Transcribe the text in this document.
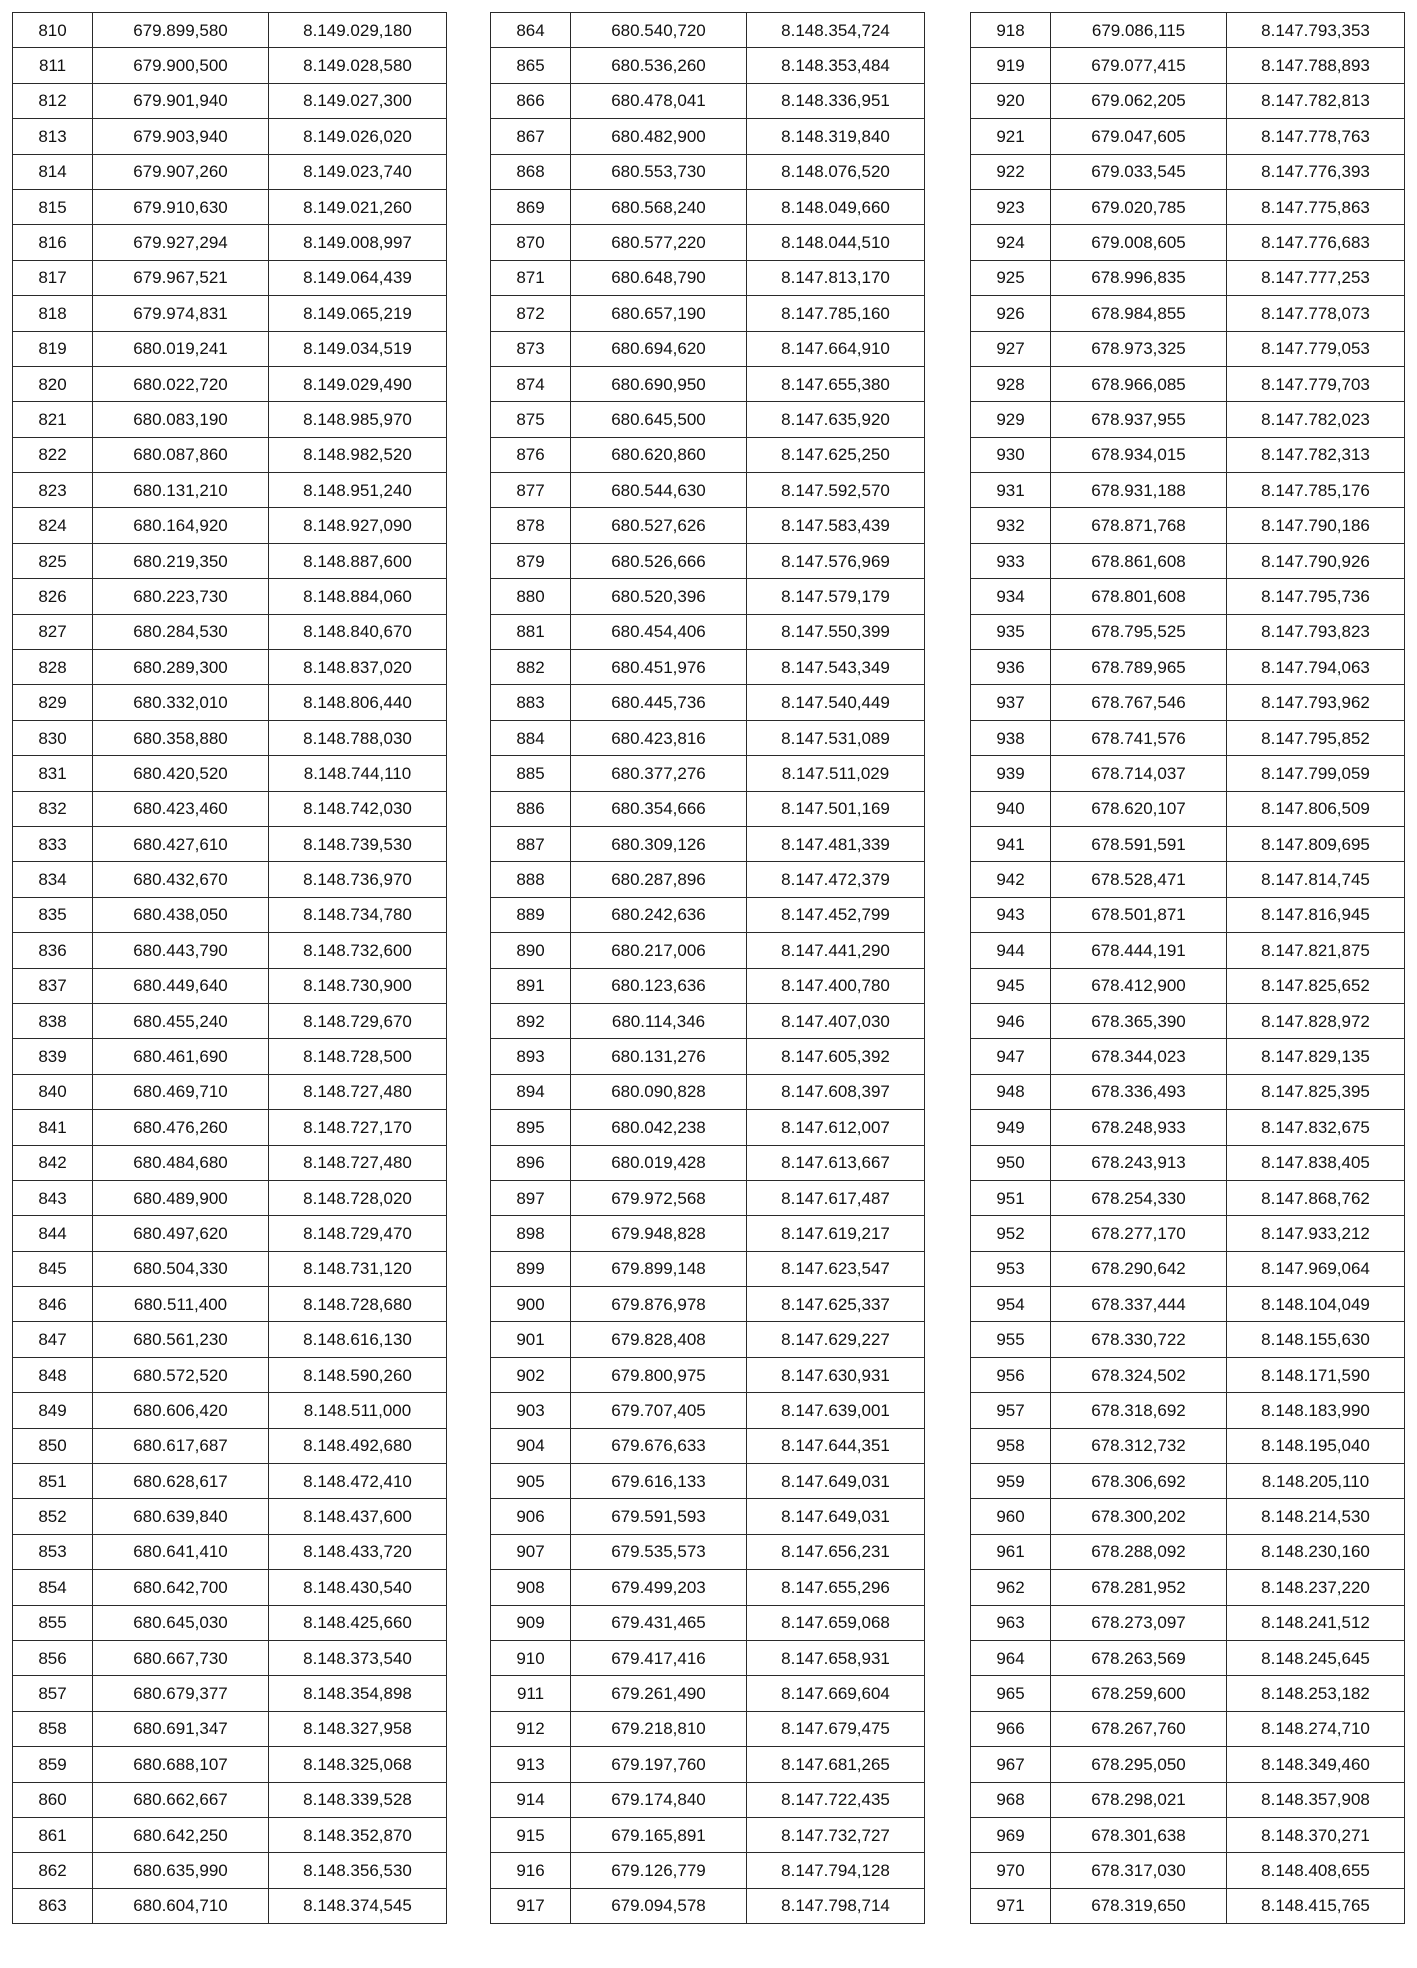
810	679.899,580	8.149.029,180
811	679.900,500	8.149.028,580
812	679.901,940	8.149.027,300
813	679.903,940	8.149.026,020
814	679.907,260	8.149.023,740
815	679.910,630	8.149.021,260
816	679.927,294	8.149.008,997
817	679.967,521	8.149.064,439
818	679.974,831	8.149.065,219
819	680.019,241	8.149.034,519
820	680.022,720	8.149.029,490
821	680.083,190	8.148.985,970
822	680.087,860	8.148.982,520
823	680.131,210	8.148.951,240
824	680.164,920	8.148.927,090
825	680.219,350	8.148.887,600
826	680.223,730	8.148.884,060
827	680.284,530	8.148.840,670
828	680.289,300	8.148.837,020
829	680.332,010	8.148.806,440
830	680.358,880	8.148.788,030
831	680.420,520	8.148.744,110
832	680.423,460	8.148.742,030
833	680.427,610	8.148.739,530
834	680.432,670	8.148.736,970
835	680.438,050	8.148.734,780
836	680.443,790	8.148.732,600
837	680.449,640	8.148.730,900
838	680.455,240	8.148.729,670
839	680.461,690	8.148.728,500
840	680.469,710	8.148.727,480
841	680.476,260	8.148.727,170
842	680.484,680	8.148.727,480
843	680.489,900	8.148.728,020
844	680.497,620	8.148.729,470
845	680.504,330	8.148.731,120
846	680.511,400	8.148.728,680
847	680.561,230	8.148.616,130
848	680.572,520	8.148.590,260
849	680.606,420	8.148.511,000
850	680.617,687	8.148.492,680
851	680.628,617	8.148.472,410
852	680.639,840	8.148.437,600
853	680.641,410	8.148.433,720
854	680.642,700	8.148.430,540
855	680.645,030	8.148.425,660
856	680.667,730	8.148.373,540
857	680.679,377	8.148.354,898
858	680.691,347	8.148.327,958
859	680.688,107	8.148.325,068
860	680.662,667	8.148.339,528
861	680.642,250	8.148.352,870
862	680.635,990	8.148.356,530
863	680.604,710	8.148.374,545
864	680.540,720	8.148.354,724
865	680.536,260	8.148.353,484
866	680.478,041	8.148.336,951
867	680.482,900	8.148.319,840
868	680.553,730	8.148.076,520
869	680.568,240	8.148.049,660
870	680.577,220	8.148.044,510
871	680.648,790	8.147.813,170
872	680.657,190	8.147.785,160
873	680.694,620	8.147.664,910
874	680.690,950	8.147.655,380
875	680.645,500	8.147.635,920
876	680.620,860	8.147.625,250
877	680.544,630	8.147.592,570
878	680.527,626	8.147.583,439
879	680.526,666	8.147.576,969
880	680.520,396	8.147.579,179
881	680.454,406	8.147.550,399
882	680.451,976	8.147.543,349
883	680.445,736	8.147.540,449
884	680.423,816	8.147.531,089
885	680.377,276	8.147.511,029
886	680.354,666	8.147.501,169
887	680.309,126	8.147.481,339
888	680.287,896	8.147.472,379
889	680.242,636	8.147.452,799
890	680.217,006	8.147.441,290
891	680.123,636	8.147.400,780
892	680.114,346	8.147.407,030
893	680.131,276	8.147.605,392
894	680.090,828	8.147.608,397
895	680.042,238	8.147.612,007
896	680.019,428	8.147.613,667
897	679.972,568	8.147.617,487
898	679.948,828	8.147.619,217
899	679.899,148	8.147.623,547
900	679.876,978	8.147.625,337
901	679.828,408	8.147.629,227
902	679.800,975	8.147.630,931
903	679.707,405	8.147.639,001
904	679.676,633	8.147.644,351
905	679.616,133	8.147.649,031
906	679.591,593	8.147.649,031
907	679.535,573	8.147.656,231
908	679.499,203	8.147.655,296
909	679.431,465	8.147.659,068
910	679.417,416	8.147.658,931
911	679.261,490	8.147.669,604
912	679.218,810	8.147.679,475
913	679.197,760	8.147.681,265
914	679.174,840	8.147.722,435
915	679.165,891	8.147.732,727
916	679.126,779	8.147.794,128
917	679.094,578	8.147.798,714
918	679.086,115	8.147.793,353
919	679.077,415	8.147.788,893
920	679.062,205	8.147.782,813
921	679.047,605	8.147.778,763
922	679.033,545	8.147.776,393
923	679.020,785	8.147.775,863
924	679.008,605	8.147.776,683
925	678.996,835	8.147.777,253
926	678.984,855	8.147.778,073
927	678.973,325	8.147.779,053
928	678.966,085	8.147.779,703
929	678.937,955	8.147.782,023
930	678.934,015	8.147.782,313
931	678.931,188	8.147.785,176
932	678.871,768	8.147.790,186
933	678.861,608	8.147.790,926
934	678.801,608	8.147.795,736
935	678.795,525	8.147.793,823
936	678.789,965	8.147.794,063
937	678.767,546	8.147.793,962
938	678.741,576	8.147.795,852
939	678.714,037	8.147.799,059
940	678.620,107	8.147.806,509
941	678.591,591	8.147.809,695
942	678.528,471	8.147.814,745
943	678.501,871	8.147.816,945
944	678.444,191	8.147.821,875
945	678.412,900	8.147.825,652
946	678.365,390	8.147.828,972
947	678.344,023	8.147.829,135
948	678.336,493	8.147.825,395
949	678.248,933	8.147.832,675
950	678.243,913	8.147.838,405
951	678.254,330	8.147.868,762
952	678.277,170	8.147.933,212
953	678.290,642	8.147.969,064
954	678.337,444	8.148.104,049
955	678.330,722	8.148.155,630
956	678.324,502	8.148.171,590
957	678.318,692	8.148.183,990
958	678.312,732	8.148.195,040
959	678.306,692	8.148.205,110
960	678.300,202	8.148.214,530
961	678.288,092	8.148.230,160
962	678.281,952	8.148.237,220
963	678.273,097	8.148.241,512
964	678.263,569	8.148.245,645
965	678.259,600	8.148.253,182
966	678.267,760	8.148.274,710
967	678.295,050	8.148.349,460
968	678.298,021	8.148.357,908
969	678.301,638	8.148.370,271
970	678.317,030	8.148.408,655
971	678.319,650	8.148.415,765
